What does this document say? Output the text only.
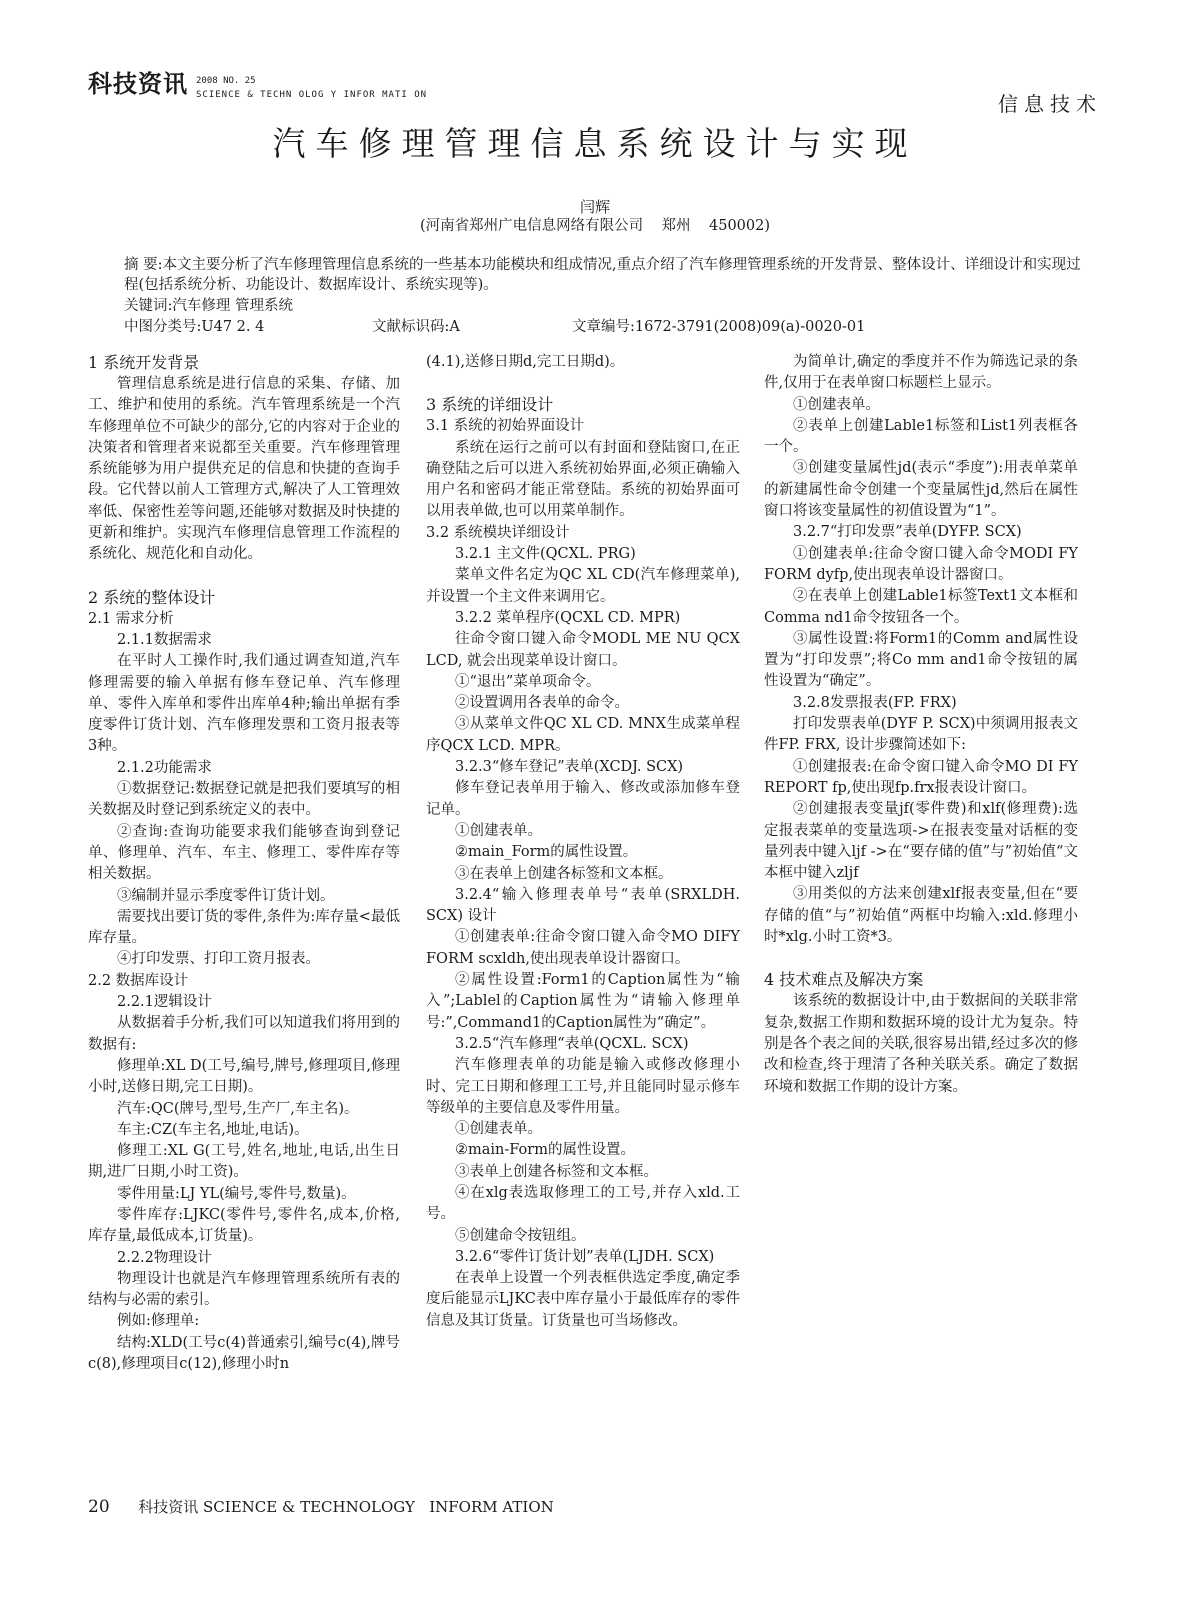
科技资讯 2008 NO. 25
SCIENCE & TECHN OLOG Y INFOR MATI ON	信息技术
汽车修理管理信息系统设计与实现
闫辉
(河南省郑州广电信息网络有限公司    郑州    450002)
摘 要:本文主要分析了汽车修理管理信息系统的一些基本功能模块和组成情况,重点介绍了汽车修理管理系统的开发背景、整体设计、详细设计和实现过程(包括系统分析、功能设计、数据库设计、系统实现等)。
关键词:汽车修理 管理系统
中图分类号:U47 2. 4	文献标识码:A	文章编号:1672-3791(2008)09(a)-0020-01
1 系统开发背景

管理信息系统是进行信息的采集、存储、加工、维护和使用的系统。汽车管理系统是一个汽车修理单位不可缺少的部分,它的内容对于企业的决策者和管理者来说都至关重要。汽车修理管理系统能够为用户提供充足的信息和快捷的查询手段。它代替以前人工管理方式,解决了人工管理效率低、保密性差等问题,还能够对数据及时快捷的更新和维护。实现汽车修理信息管理工作流程的系统化、规范化和自动化。

2 系统的整体设计

2.1 需求分析

2.1.1数据需求

在平时人工操作时,我们通过调查知道,汽车修理需要的输入单据有修车登记单、汽车修理单、零件入库单和零件出库单4种;输出单据有季度零件订货计划、汽车修理发票和工资月报表等3种。

2.1.2功能需求

①数据登记:数据登记就是把我们要填写的相关数据及时登记到系统定义的表中。

②查询:查询功能要求我们能够查询到登记单、修理单、汽车、车主、修理工、零件库存等相关数据。

③编制并显示季度零件订货计划。

需要找出要订货的零件,条件为:库存量<最低库存量。

④打印发票、打印工资月报表。

2.2 数据库设计

2.2.1逻辑设计

从数据着手分析,我们可以知道我们将用到的数据有:

修理单:XL D(工号,编号,牌号,修理项目,修理小时,送修日期,完工日期)。

汽车:QC(牌号,型号,生产厂,车主名)。

车主:CZ(车主名,地址,电话)。

修理工:XL G(工号,姓名,地址,电话,出生日期,进厂日期,小时工资)。

零件用量:LJ YL(编号,零件号,数量)。

零件库存:LJKC(零件号,零件名,成本,价格,库存量,最低成本,订货量)。

2.2.2物理设计

物理设计也就是汽车修理管理系统所有表的结构与必需的索引。

例如:修理单:

结构:XLD(工号c(4)普通索引,编号c(4),牌号c(8),修理项目c(12),修理小时n

(4.1),送修日期d,完工日期d)。

3 系统的详细设计

3.1 系统的初始界面设计

系统在运行之前可以有封面和登陆窗口,在正确登陆之后可以进入系统初始界面,必须正确输入用户名和密码才能正常登陆。系统的初始界面可以用表单做,也可以用菜单制作。

3.2 系统模块详细设计

3.2.1 主文件(QCXL. PRG)

菜单文件名定为QC XL CD(汽车修理菜单),并设置一个主文件来调用它。

3.2.2 菜单程序(QCXL CD. MPR)

往命令窗口键入命令MODL ME NU QCX LCD, 就会出现菜单设计窗口。

①“退出”菜单项命令。

②设置调用各表单的命令。

③从菜单文件QC XL CD. MNX生成菜单程序QCX LCD. MPR。

3.2.3“修车登记”表单(XCDJ. SCX)

修车登记表单用于输入、修改或添加修车登记单。

①创建表单。

②main_Form的属性设置。

③在表单上创建各标签和文本框。

3.2.4“输入修理表单号“表单(SRXLDH. SCX) 设计

①创建表单:往命令窗口键入命令MO DIFY FORM scxldh,使出现表单设计器窗口。

②属性设置:Form1的Caption属性为“输入”;Lablel的Caption属性为“请输入修理单号:”,Command1的Caption属性为“确定”。

3.2.5“汽车修理“表单(QCXL. SCX)

汽车修理表单的功能是输入或修改修理小时、完工日期和修理工工号,并且能同时显示修车等级单的主要信息及零件用量。

①创建表单。

②main-Form的属性设置。

③表单上创建各标签和文本框。

④在xlg表选取修理工的工号,并存入xld.工号。

⑤创建命令按钮组。

3.2.6“零件订货计划”表单(LJDH. SCX)

在表单上设置一个列表框供选定季度,确定季度后能显示LJKC表中库存量小于最低库存的零件信息及其订货量。订货量也可当场修改。

为简单计,确定的季度并不作为筛选记录的条件,仅用于在表单窗口标题栏上显示。

①创建表单。

②表单上创建Lable1标签和List1列表框各一个。

③创建变量属性jd(表示“季度”):用表单菜单的新建属性命令创建一个变量属性jd,然后在属性窗口将该变量属性的初值设置为“1”。

3.2.7“打印发票”表单(DYFP. SCX)

①创建表单:往命令窗口键入命令MODI FY FORM dyfp,使出现表单设计器窗口。

②在表单上创建Lable1标签Text1文本框和Comma nd1命令按钮各一个。

③属性设置:将Form1的Comm and属性设置为“打印发票”;将Co mm and1命令按钮的属性设置为“确定”。

3.2.8发票报表(FP. FRX)

打印发票表单(DYF P. SCX)中须调用报表文件FP. FRX, 设计步骤简述如下:

①创建报表:在命令窗口键入命令MO DI FY REPORT fp,使出现fp.frx报表设计窗口。

②创建报表变量jf(零件费)和xlf(修理费):选定报表菜单的变量选项->在报表变量对话框的变量列表中键入ljf ->在“要存储的值”与”初始值“文本框中键入zljf

③用类似的方法来创建xlf报表变量,但在“要存储的值“与”初始值“两框中均输入:xld.修理小时*xlg.小时工资*3。

4 技术难点及解决方案

该系统的数据设计中,由于数据间的关联非常复杂,数据工作期和数据环境的设计尤为复杂。特别是各个表之间的关联,很容易出错,经过多次的修改和检查,终于理清了各种关联关系。确定了数据环境和数据工作期的设计方案。

20 科技资讯 SCIENCE & TECHNOLOGY   INFORM ATION
